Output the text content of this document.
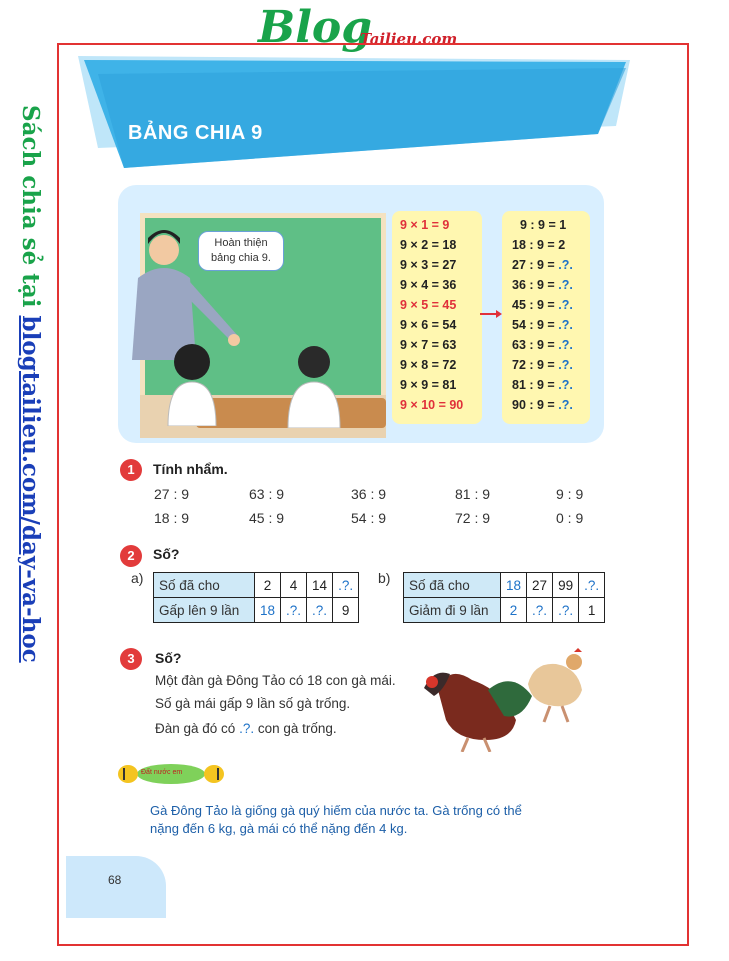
Blog
Tailieu.com
Sách chia sẻ tại blogtailieu.com/day-va-hoc
BẢNG CHIA 9
Hoàn thiện
bảng chia 9.
9 × 1 = 9
9 × 2 = 18
9 × 3 = 27
9 × 4 = 36
9 × 5 = 45
9 × 6 = 54
9 × 7 = 63
9 × 8 = 72
9 × 9 = 81
9 × 10 = 90
9 : 9 = 1
18 : 9 = 2
27 : 9 = .?.
36 : 9 = .?.
45 : 9 = .?.
54 : 9 = .?.
63 : 9 = .?.
72 : 9 = .?.
81 : 9 = .?.
90 : 9 = .?.
1	Tính nhẩm.
27 : 9	63 : 9	36 : 9	81 : 9	9 : 9
18 : 9	45 : 9	54 : 9	72 : 9	0 : 9
2	Số?
a) Số đã cho	2	4	14	.?.
Gấp lên 9 lần	18	.?.	.?.	9
b) Số đã cho	18	27	99	.?.
Giảm đi 9 lần	2	.?.	.?.	1
3	Số?
Một đàn gà Đông Tảo có 18 con gà mái.
Số gà mái gấp 9 lần số gà trống.
Đàn gà đó có .?. con gà trống.
Đất nước em
Gà Đông Tảo là giống gà quý hiếm của nước ta. Gà trống có thể
nặng đến 6 kg, gà mái có thể nặng đến 4 kg.
68
